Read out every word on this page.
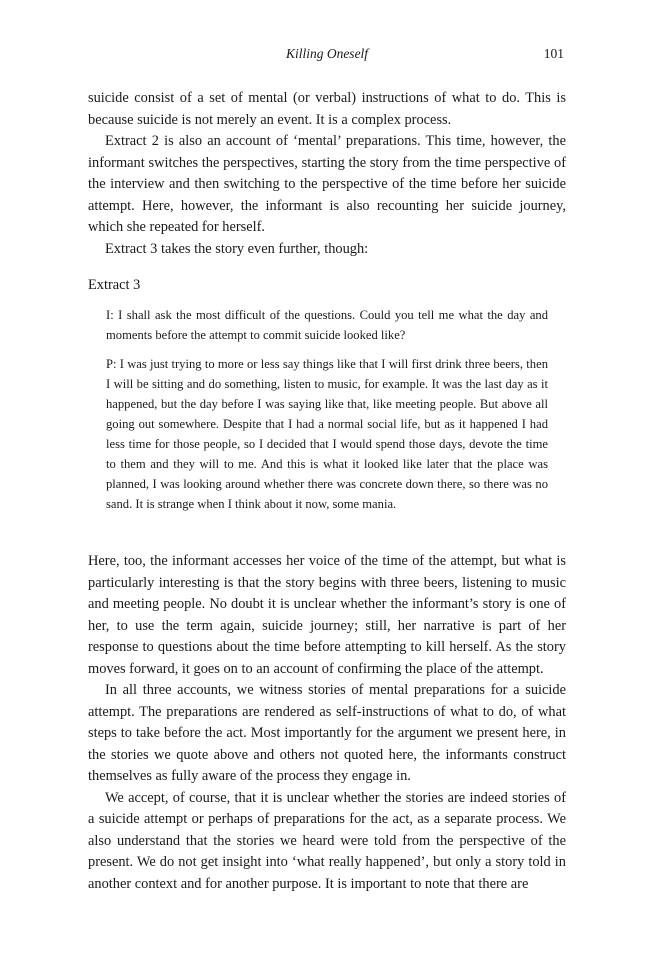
Killing Oneself	101

suicide consist of a set of mental (or verbal) instructions of what to do. This is because suicide is not merely an event. It is a complex process.

Extract 2 is also an account of ‘mental’ preparations. This time, however, the informant switches the perspectives, starting the story from the time perspective of the interview and then switching to the perspective of the time before her suicide attempt. Here, however, the informant is also recounting her suicide journey, which she repeated for herself.

Extract 3 takes the story even further, though:

Extract 3

I: I shall ask the most difficult of the questions. Could you tell me what the day and moments before the attempt to commit suicide looked like?

P: I was just trying to more or less say things like that I will first drink three beers, then I will be sitting and do something, listen to music, for example. It was the last day as it happened, but the day before I was saying like that, like meeting people. But above all going out somewhere. Despite that I had a normal social life, but as it happened I had less time for those people, so I decided that I would spend those days, devote the time to them and they will to me. And this is what it looked like later that the place was planned, I was looking around whether there was concrete down there, so there was no sand. It is strange when I think about it now, some mania.

Here, too, the informant accesses her voice of the time of the attempt, but what is particularly interesting is that the story begins with three beers, listening to music and meeting people. No doubt it is unclear whether the informant’s story is one of her, to use the term again, suicide journey; still, her narrative is part of her response to questions about the time before attempting to kill herself. As the story moves forward, it goes on to an account of confirming the place of the attempt.

In all three accounts, we witness stories of mental preparations for a suicide attempt. The preparations are rendered as self-instructions of what to do, of what steps to take before the act. Most importantly for the argument we present here, in the stories we quote above and others not quoted here, the informants construct themselves as fully aware of the process they engage in.

We accept, of course, that it is unclear whether the stories are indeed stories of a suicide attempt or perhaps of preparations for the act, as a separate process. We also understand that the stories we heard were told from the perspective of the present. We do not get insight into ‘what really happened’, but only a story told in another context and for another purpose. It is important to note that there are
